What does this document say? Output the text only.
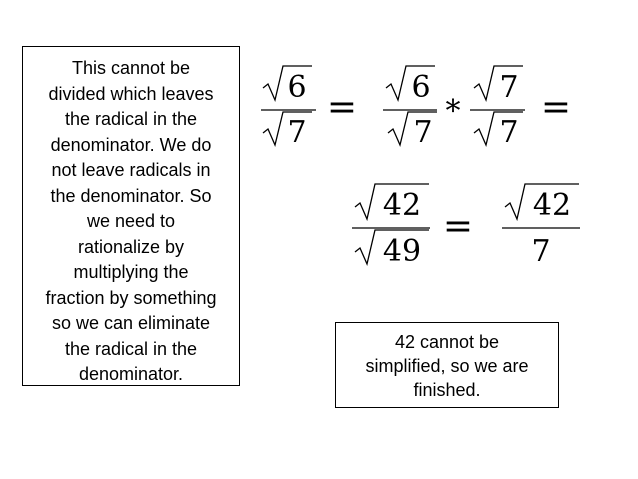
This cannot be
divided which leaves
the radical in the
denominator. We do
not leave radicals in
the denominator. So
we need to
rationalize by
multiplying the
fraction by something
so we can eliminate
the radical in the
denominator.
6
7
= 6
7
*
7
7
=
42
49
=
42
7
42 cannot be
simplified, so we are
finished.
